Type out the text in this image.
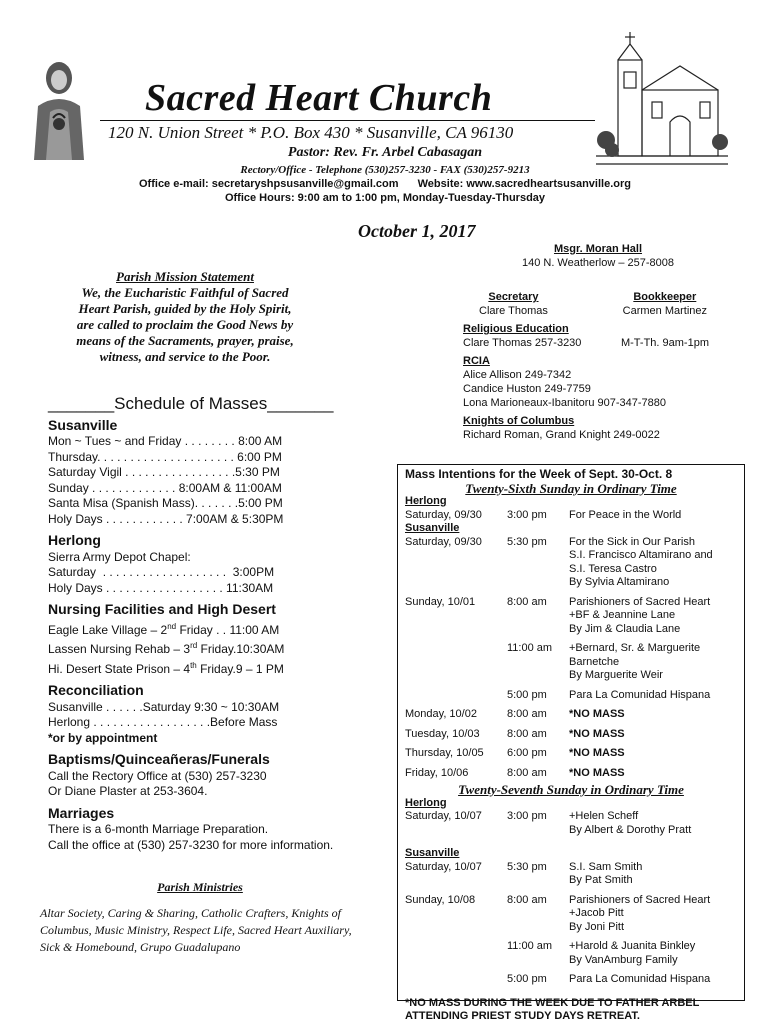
Sacred Heart Church
120 N. Union Street * P.O. Box 430 * Susanville, CA 96130
Pastor: Rev. Fr. Arbel Cabasagan
Rectory/Office - Telephone (530)257-3230 - FAX (530)257-9213
Office e-mail: secretaryshpsusanville@gmail.com Website: www.sacredheartsusanville.org
Office Hours: 9:00 am to 1:00 pm, Monday-Tuesday-Thursday
October 1, 2017
Parish Mission Statement
We, the Eucharistic Faithful of Sacred
Heart Parish, guided by the Holy Spirit,
are called to proclaim the Good News by
means of the Sacraments, prayer, praise,
witness, and service to the Poor.
_______Schedule of Masses_______
Susanville
Mon ~ Tues ~ and Friday . . . . . . . . 8:00 AM
Thursday. . . . . . . . . . . . . . . . . . . . . 6:00 PM
Saturday Vigil . . . . . . . . . . . . . . . . .5:30 PM
Sunday . . . . . . . . . . . . . 8:00AM & 11:00AM
Santa Misa (Spanish Mass). . . . . . .5:00 PM
Holy Days . . . . . . . . . . . . 7:00AM & 5:30PM
Herlong
Sierra Army Depot Chapel:
Saturday  . . . . . . . . . . . . . . . . . . .  3:00PM
Holy Days . . . . . . . . . . . . . . . . . . 11:30AM
Nursing Facilities and High Desert
Eagle Lake Village – 2nd Friday . . 11:00 AM
Lassen Nursing Rehab – 3rd Friday.10:30AM
Hi. Desert State Prison – 4th Friday.9 – 1 PM
Reconciliation
Susanville . . . . . .Saturday 9:30 ~ 10:30AM
Herlong . . . . . . . . . . . . . . . . . .Before Mass
*or by appointment
Baptisms/Quinceañeras/Funerals
Call the Rectory Office at (530) 257-3230
Or Diane Plaster at 253-3604.
Marriages
There is a 6-month Marriage Preparation.
Call the office at (530) 257-3230 for more information.
Parish Ministries
Altar Society, Caring & Sharing, Catholic Crafters, Knights of Columbus, Music Ministry, Respect Life, Sacred Heart Auxiliary, Sick & Homebound, Grupo Guadalupano
Msgr. Moran Hall
140 N. Weatherlow – 257-8008
Secretary
Clare Thomas
Bookkeeper
Carmen Martinez
Religious Education
Clare Thomas 257-3230	M-T-Th. 9am-1pm
RCIA
Alice Allison 249-7342
Candice Huston 249-7759
Lona Marioneaux-Ibanitoru 907-347-7880
Knights of Columbus
Richard Roman, Grand Knight 249-0022
Mass Intentions for the Week of Sept. 30-Oct. 8
Twenty-Sixth Sunday in Ordinary Time
Herlong
Saturday, 09/30	3:00 pm	For Peace in the World
Susanville
Saturday, 09/30	5:30 pm	For the Sick in Our Parish
S.I. Francisco Altamirano and
S.I. Teresa Castro
By Sylvia Altamirano
Sunday, 10/01	8:00 am	Parishioners of Sacred Heart
+BF & Jeannine Lane
By Jim & Claudia Lane
11:00 am	+Bernard, Sr. & Marguerite
Barnetche
By Marguerite Weir
5:00 pm	Para La Comunidad Hispana
Monday, 10/02	8:00 am	*NO MASS
Tuesday, 10/03	8:00 am	*NO MASS
Thursday, 10/05	6:00 pm	*NO MASS
Friday, 10/06	8:00 am	*NO MASS
Twenty-Seventh Sunday in Ordinary Time
Herlong
Saturday, 10/07	3:00 pm	+Helen Scheff
By Albert & Dorothy Pratt
Susanville
Saturday, 10/07	5:30 pm	S.I. Sam Smith
By Pat Smith
Sunday, 10/08	8:00 am	Parishioners of Sacred Heart
+Jacob Pitt
By Joni Pitt
11:00 am	+Harold & Juanita Binkley
By VanAmburg Family
5:00 pm	Para La Comunidad Hispana
*NO MASS DURING THE WEEK DUE TO FATHER ARBEL ATTENDING PRIEST STUDY DAYS RETREAT.
